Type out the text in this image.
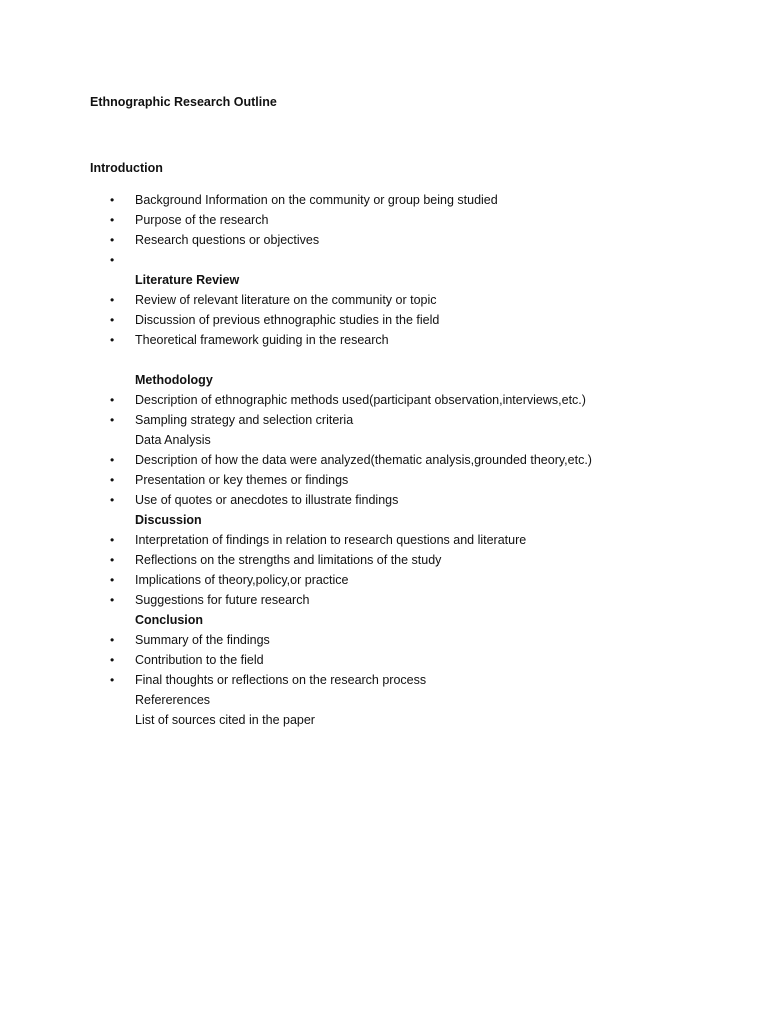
Ethnographic Research Outline
Introduction
• Background Information on the community or group being studied
• Purpose of the research
• Research questions or objectives
•
Literature Review
• Review of relevant literature on the community or topic
• Discussion of previous ethnographic studies in the field
• Theoretical framework guiding in the research
Methodology
• Description of ethnographic methods used(participant observation,interviews,etc.)
• Sampling strategy and selection criteria
Data Analysis
• Description of how the data were analyzed(thematic analysis,grounded theory,etc.)
• Presentation or key themes or findings
• Use of quotes or anecdotes to illustrate findings
Discussion
• Interpretation of findings in relation to research questions and literature
• Reflections on the strengths and limitations of the study
• Implications of theory,policy,or practice
• Suggestions for future research
Conclusion
• Summary of the findings
• Contribution to the field
• Final thoughts or reflections on the research process
Refererences
List of sources cited in the paper
